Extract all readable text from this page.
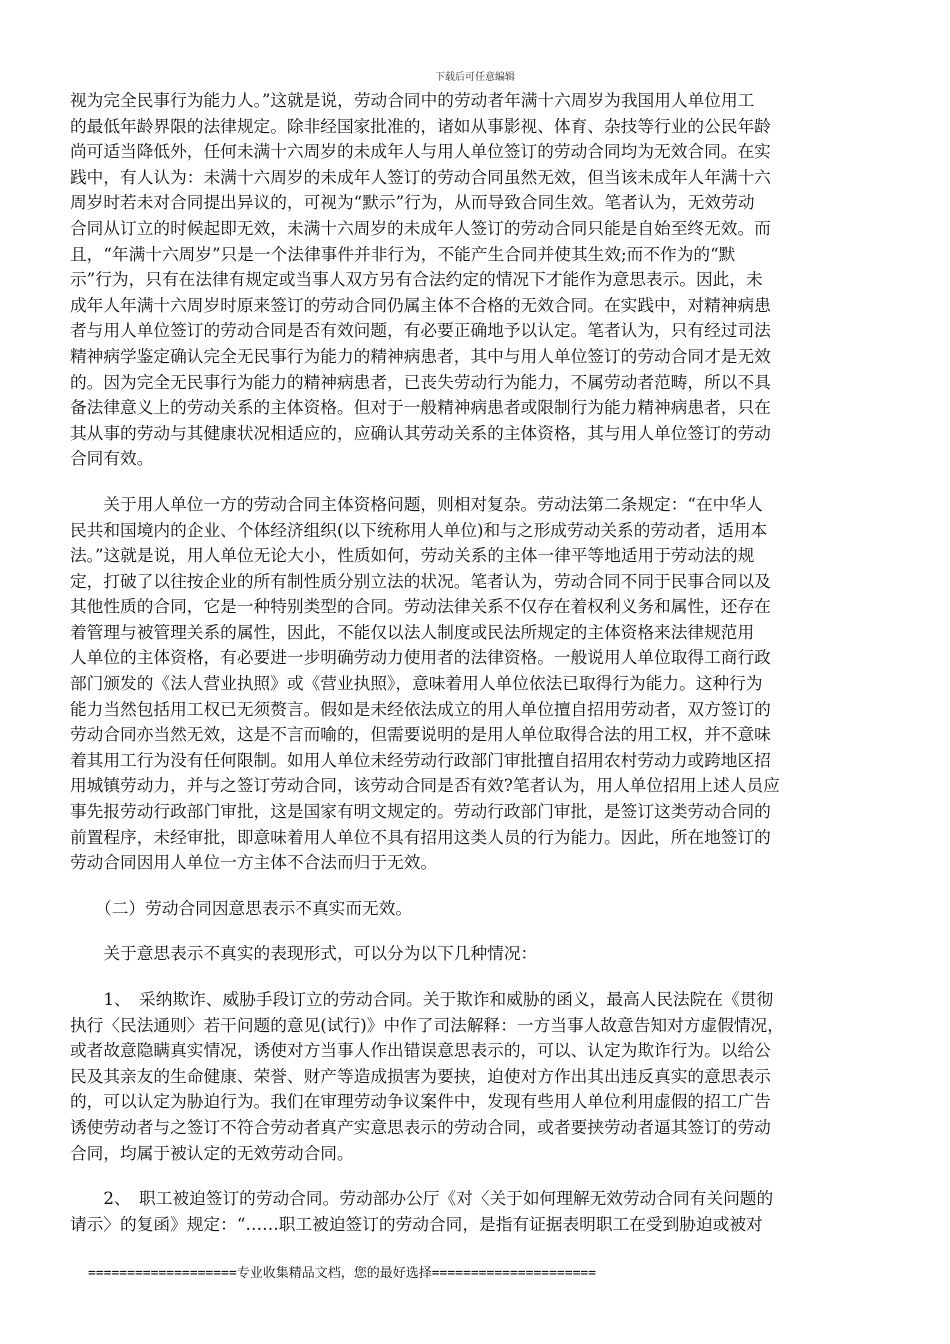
下载后可任意编辑
视为完全民事行为能力人。”这就是说，劳动合同中的劳动者年满十六周岁为我国用人单位用工
的最低年龄界限的法律规定。除非经国家批准的，诸如从事影视、体育、杂技等行业的公民年龄
尚可适当降低外，任何未满十六周岁的未成年人与用人单位签订的劳动合同均为无效合同。在实
践中，有人认为：未满十六周岁的未成年人签订的劳动合同虽然无效，但当该未成年人年满十六
周岁时若未对合同提出异议的，可视为“默示”行为，从而导致合同生效。笔者认为，无效劳动
合同从订立的时候起即无效，未满十六周岁的未成年人签订的劳动合同只能是自始至终无效。而
且，“年满十六周岁”只是一个法律事件并非行为，不能产生合同并使其生效;而不作为的“默
示”行为，只有在法律有规定或当事人双方另有合法约定的情况下才能作为意思表示。因此，未
成年人年满十六周岁时原来签订的劳动合同仍属主体不合格的无效合同。在实践中，对精神病患
者与用人单位签订的劳动合同是否有效问题，有必要正确地予以认定。笔者认为，只有经过司法
精神病学鉴定确认完全无民事行为能力的精神病患者，其中与用人单位签订的劳动合同才是无效
的。因为完全无民事行为能力的精神病患者，已丧失劳动行为能力，不属劳动者范畴，所以不具
备法律意义上的劳动关系的主体资格。但对于一般精神病患者或限制行为能力精神病患者，只在
其从事的劳动与其健康状况相适应的，应确认其劳动关系的主体资格，其与用人单位签订的劳动
合同有效。
　　关于用人单位一方的劳动合同主体资格问题，则相对复杂。劳动法第二条规定：“在中华人
民共和国境内的企业、个体经济组织(以下统称用人单位)和与之形成劳动关系的劳动者，适用本
法。”这就是说，用人单位无论大小，性质如何，劳动关系的主体一律平等地适用于劳动法的规
定，打破了以往按企业的所有制性质分别立法的状况。笔者认为，劳动合同不同于民事合同以及
其他性质的合同，它是一种特别类型的合同。劳动法律关系不仅存在着权利义务和属性，还存在
着管理与被管理关系的属性，因此，不能仅以法人制度或民法所规定的主体资格来法律规范用
人单位的主体资格，有必要进一步明确劳动力使用者的法律资格。一般说用人单位取得工商行政
部门颁发的《法人营业执照》或《营业执照》，意味着用人单位依法已取得行为能力。这种行为
能力当然包括用工权已无须赘言。假如是未经依法成立的用人单位擅自招用劳动者，双方签订的
劳动合同亦当然无效，这是不言而喻的，但需要说明的是用人单位取得合法的用工权，并不意味
着其用工行为没有任何限制。如用人单位未经劳动行政部门审批擅自招用农村劳动力或跨地区招
用城镇劳动力，并与之签订劳动合同，该劳动合同是否有效?笔者认为，用人单位招用上述人员应
事先报劳动行政部门审批，这是国家有明文规定的。劳动行政部门审批，是签订这类劳动合同的
前置程序，未经审批，即意味着用人单位不具有招用这类人员的行为能力。因此，所在地签订的
劳动合同因用人单位一方主体不合法而归于无效。
　　（二）劳动合同因意思表示不真实而无效。
　　关于意思表示不真实的表现形式，可以分为以下几种情况：
　　1、　采纳欺诈、威胁手段订立的劳动合同。关于欺诈和威胁的函义，最高人民法院在《贯彻
执行〈民法通则〉若干问题的意见(试行)》中作了司法解释：一方当事人故意告知对方虚假情况，
或者故意隐瞒真实情况，诱使对方当事人作出错误意思表示的，可以、认定为欺诈行为。以给公
民及其亲友的生命健康、荣誉、财产等造成损害为要挟，迫使对方作出其出违反真实的意思表示
的，可以认定为胁迫行为。我们在审理劳动争议案件中，发现有些用人单位利用虚假的招工广告
诱使劳动者与之签订不符合劳动者真产实意思表示的劳动合同，或者要挟劳动者逼其签订的劳动
合同，均属于被认定的无效劳动合同。
　　2、　职工被迫签订的劳动合同。劳动部办公厅《对〈关于如何理解无效劳动合同有关问题的
请示〉的复函》规定：“……职工被迫签订的劳动合同，是指有证据表明职工在受到胁迫或被对
===================专业收集精品文档，您的最好选择=====================
